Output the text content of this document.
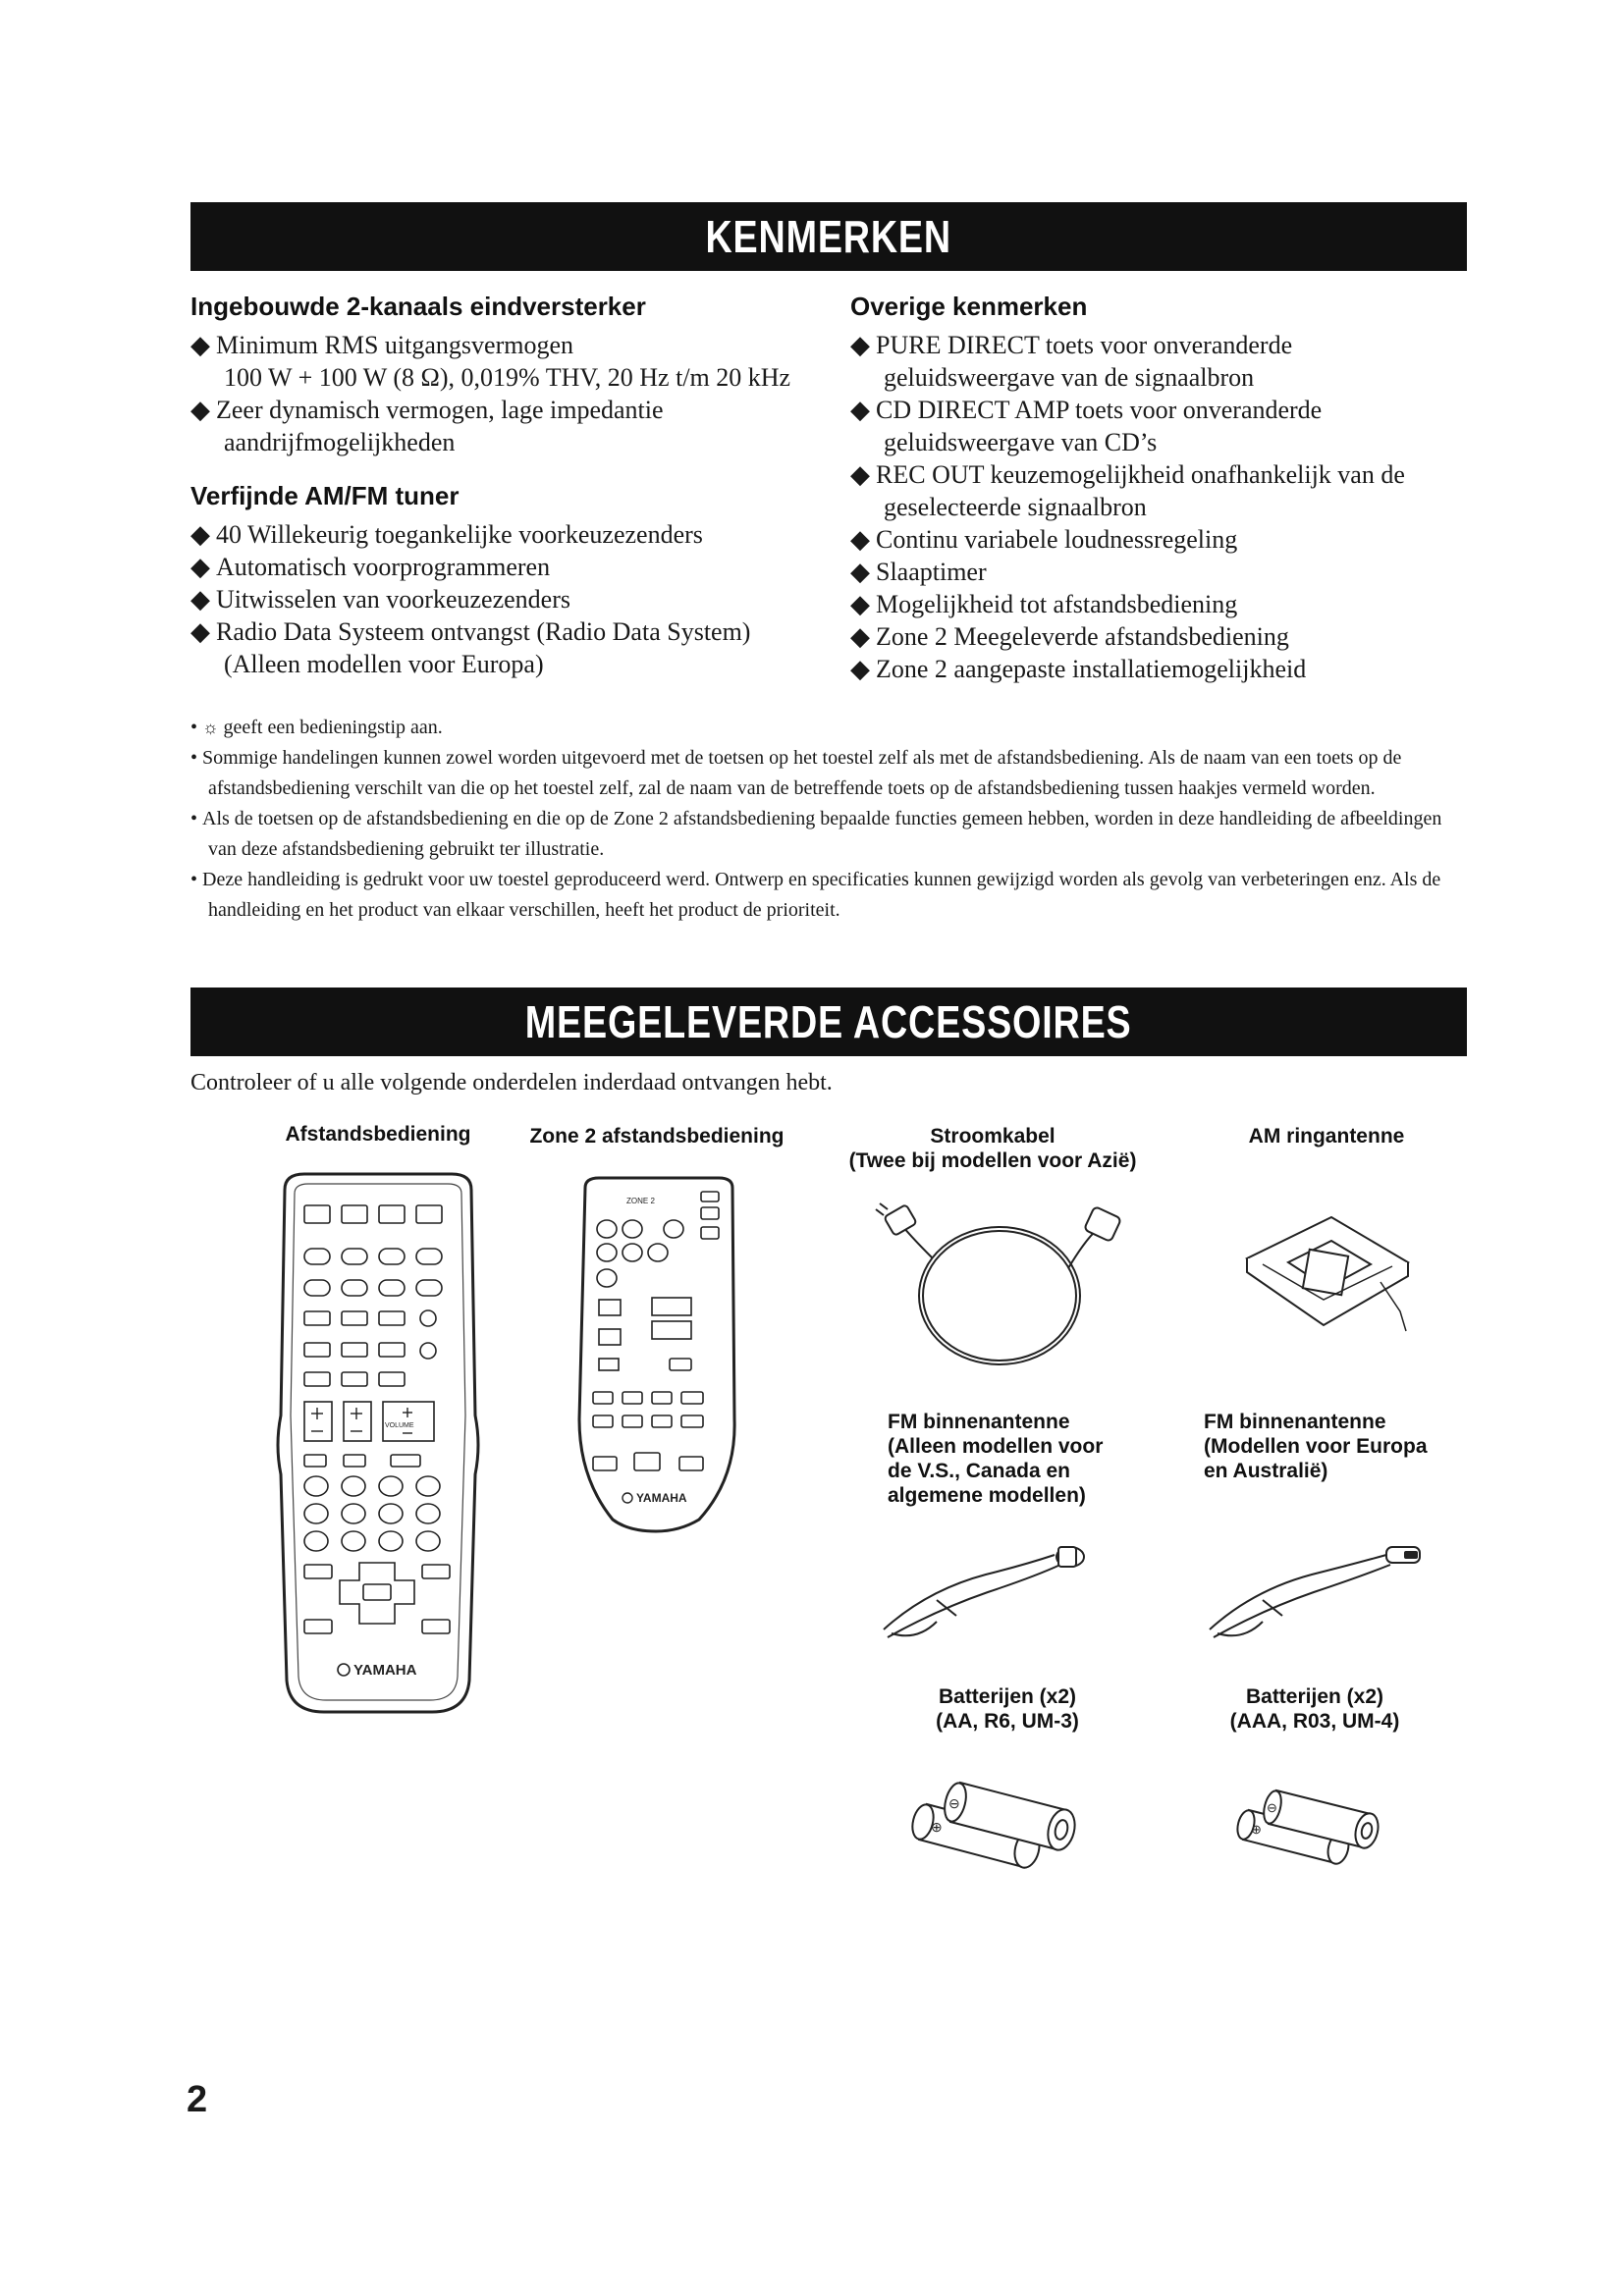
KENMERKEN
Ingebouwde 2-kanaals eindversterker

◆ Minimum RMS uitgangsvermogen

100 W + 100 W (8 Ω), 0,019% THV, 20 Hz t/m 20 kHz

◆ Zeer dynamisch vermogen, lage impedantie

aandrijfmogelijkheden

Verfijnde AM/FM tuner

◆ 40 Willekeurig toegankelijke voorkeuzezenders

◆ Automatisch voorprogrammeren

◆ Uitwisselen van voorkeuzezenders

◆ Radio Data Systeem ontvangst (Radio Data System)

(Alleen modellen voor Europa)

Overige kenmerken

◆ PURE DIRECT toets voor onveranderde

geluidsweergave van de signaalbron

◆ CD DIRECT AMP toets voor onveranderde

geluidsweergave van CD’s

◆ REC OUT keuzemogelijkheid onafhankelijk van de

geselecteerde signaalbron

◆ Continu variabele loudnessregeling

◆ Slaaptimer

◆ Mogelijkheid tot afstandsbediening

◆ Zone 2 Meegeleverde afstandsbediening

◆ Zone 2 aangepaste installatiemogelijkheid

• ☼ geeft een bedieningstip aan.

• Sommige handelingen kunnen zowel worden uitgevoerd met de toetsen op het toestel zelf als met de afstandsbediening. Als de naam van een toets op de afstandsbediening verschilt van die op het toestel zelf, zal de naam van de betreffende toets op de afstandsbediening tussen haakjes vermeld worden.

• Als de toetsen op de afstandsbediening en die op de Zone 2 afstandsbediening bepaalde functies gemeen hebben, worden in deze handleiding de afbeeldingen van deze afstandsbediening gebruikt ter illustratie.

• Deze handleiding is gedrukt voor uw toestel geproduceerd werd. Ontwerp en specificaties kunnen gewijzigd worden als gevolg van verbeteringen enz. Als de handleiding en het product van elkaar verschillen, heeft het product de prioriteit.

MEEGELEVERDE ACCESSOIRES
Controleer of u alle volgende onderdelen inderdaad ontvangen hebt.
Afstandsbediening	Zone 2 afstandsbediening	Stroomkabel
(Twee bij modellen voor Azië)
AM ringantenne
FM binnenantenne
(Alleen modellen voor
de V.S., Canada en
algemene modellen)
FM binnenantenne
(Modellen voor Europa
en Australië)
Batterijen (x2)
(AA, R6, UM-3)
Batterijen (x2)
(AAA, R03, UM-4)
VOLUME
YAMAHA
ZONE 2
YAMAHA
⊕
⊖
⊕
⊖
2
